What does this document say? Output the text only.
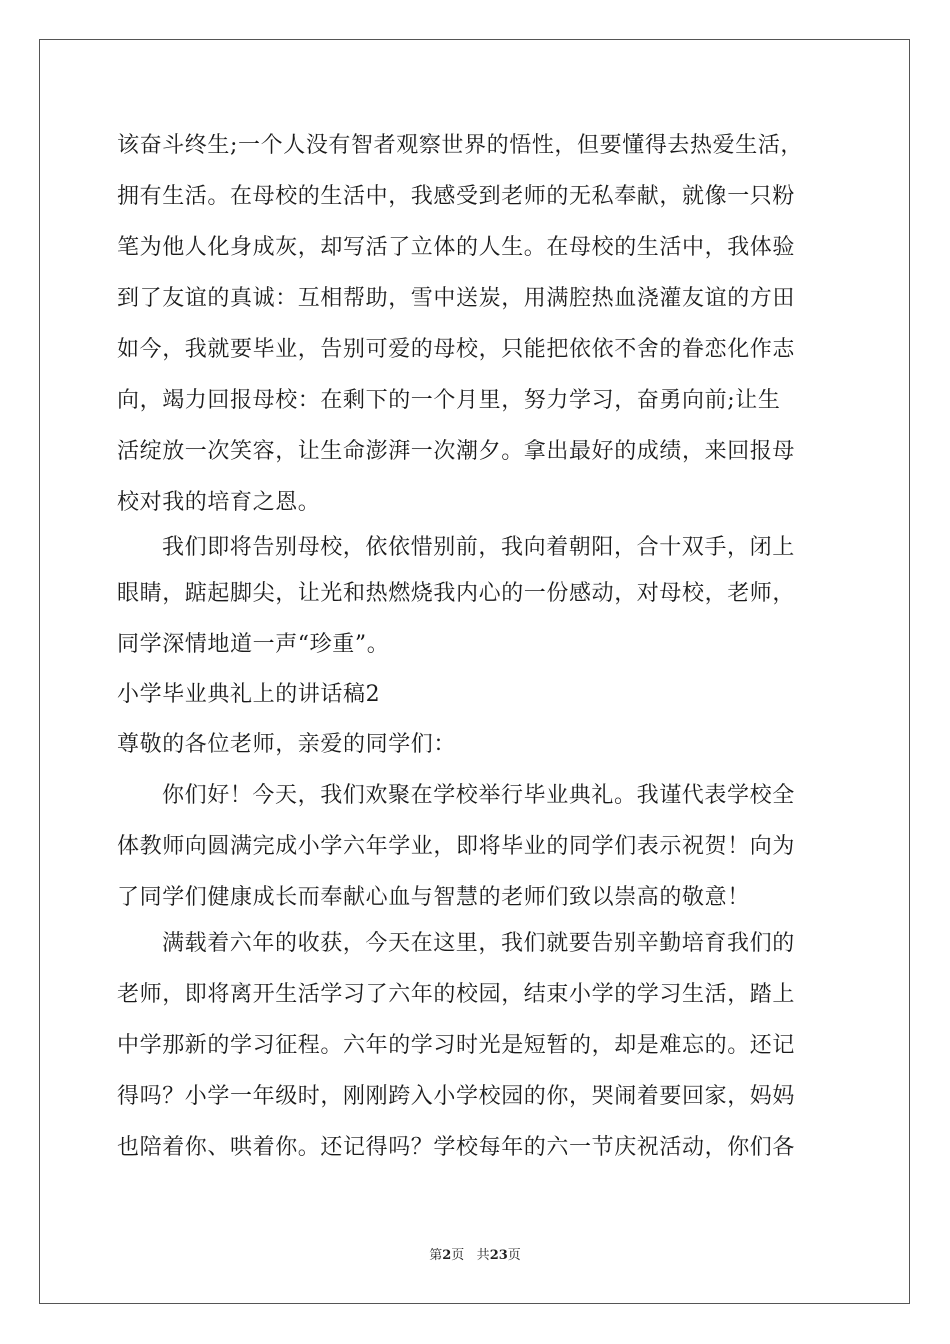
该奋斗终生;一个人没有智者观察世界的悟性，但要懂得去热爱生活，
拥有生活。在母校的生活中，我感受到老师的无私奉献，就像一只粉
笔为他人化身成灰，却写活了立体的人生。在母校的生活中，我体验
到了友谊的真诚：互相帮助，雪中送炭，用满腔热血浇灌友谊的方田
如今，我就要毕业，告别可爱的母校，只能把依依不舍的眷恋化作志
向，竭力回报母校：在剩下的一个月里，努力学习，奋勇向前;让生
活绽放一次笑容，让生命澎湃一次潮夕。拿出最好的成绩，来回报母
校对我的培育之恩。
我们即将告别母校，依依惜别前，我向着朝阳，合十双手，闭上
眼睛，踮起脚尖，让光和热燃烧我内心的一份感动，对母校，老师，
同学深情地道一声“珍重”。
小学毕业典礼上的讲话稿2
尊敬的各位老师，亲爱的同学们：
你们好！今天，我们欢聚在学校举行毕业典礼。我谨代表学校全
体教师向圆满完成小学六年学业，即将毕业的同学们表示祝贺！向为
了同学们健康成长而奉献心血与智慧的老师们致以崇高的敬意！
满载着六年的收获，今天在这里，我们就要告别辛勤培育我们的
老师，即将离开生活学习了六年的校园，结束小学的学习生活，踏上
中学那新的学习征程。六年的学习时光是短暂的，却是难忘的。还记
得吗？小学一年级时，刚刚跨入小学校园的你，哭闹着要回家，妈妈
也陪着你、哄着你。还记得吗？学校每年的六一节庆祝活动，你们各
第2页 共23页
